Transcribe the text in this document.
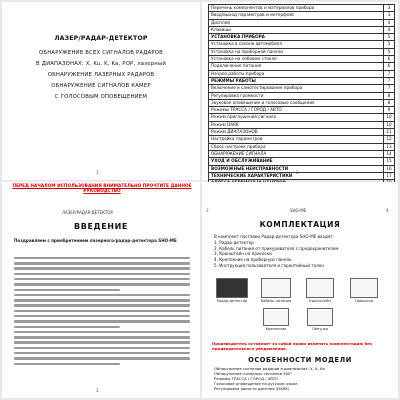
ЛАЗЕР/РАДАР-ДЕТЕКТОР
ОБНАРУЖЕНИЕ ВСЕХ СИГНАЛОВ РАДАРОВ
В ДИАПАЗОНАХ: X, Ku, K, Ka, POP, лазерный
ОБНАРУЖЕНИЕ ЛАЗЕРНЫХ РАДАРОВ
ОБНАРУЖЕНИЕ СИГНАЛОВ КАМЕР
С ГОЛОСОВЫМ ОПОВЕЩЕНИЕМ
1
Перечень компонентов и материалов прибора	3
Ввод/выход параметров и интерфейс	3
Дисплей	4
Клавиши	4
УСТАНОВКА ПРИБОРА	5
Установка в салоне автомобиля	5
Установка на приборной панели	5
Установка на лобовом стекле	6
Подключение питания	6
Начало работы прибора	7
РЕЖИМЫ РАБОТЫ	7
Включение и самотестирование прибора	7
Регулировка громкости	8
Звуковое оповещение и голосовые сообщения	8
Режимы ТРАССА / ГОРОД / АВТО	9
Режим приглушения сигнала	10
Режим DARK	10
Режим ДИАПАЗОНОВ	11
Настройка параметров	12
Сброс настроек прибора	13
ОБНАРУЖЕНИЕ СИГНАЛА	14
УХОД И ОБСЛУЖИВАНИЕ	15
ВОЗМОЖНЫЕ НЕИСПРАВНОСТИ	16
ТЕХНИЧЕСКИЕ ХАРАКТЕРИСТИКИ	17
2
ПЕРЕД НАЧАЛОМ ИСПОЛЬЗОВАНИЯ ВНИМАТЕЛЬНО ПРОЧТИТЕ ДАННОЕ РУКОВОДСТВО
ЛАЗЕР/РАДАР-ДЕТЕКТОР
ВВЕДЕНИЕ
Поздравляем с приобретением лазерного/радар-детектора SHO-ME
3
3	SHO-ME	4
КОМПЛЕКТАЦИЯ
В комплект поставки Радар-детектора SHO-ME входят:
1. Радар-детектор
2. Кабель питания от прикуривателя с предохранителем
3. Кронштейн на присоски
4. Крепление на приборную панель
5. Инструкция пользователя и гарантийный талон
Радар-детектор	Кабель питания	Кронштейн	Присоски
Крепление	Липучка
Производитель оставляет за собой право изменять комплектацию без предварительного уведомления.
ОСОБЕННОСТИ МОДЕЛИ
Обнаружение сигналов радаров в диапазонах: X, K, Ka
Обнаружение лазерных сигналов 360°
Режимы ТРАССА / ГОРОД / АВТО
Голосовое оповещение на русском языке
Регулировка яркости дисплея (DARK)
